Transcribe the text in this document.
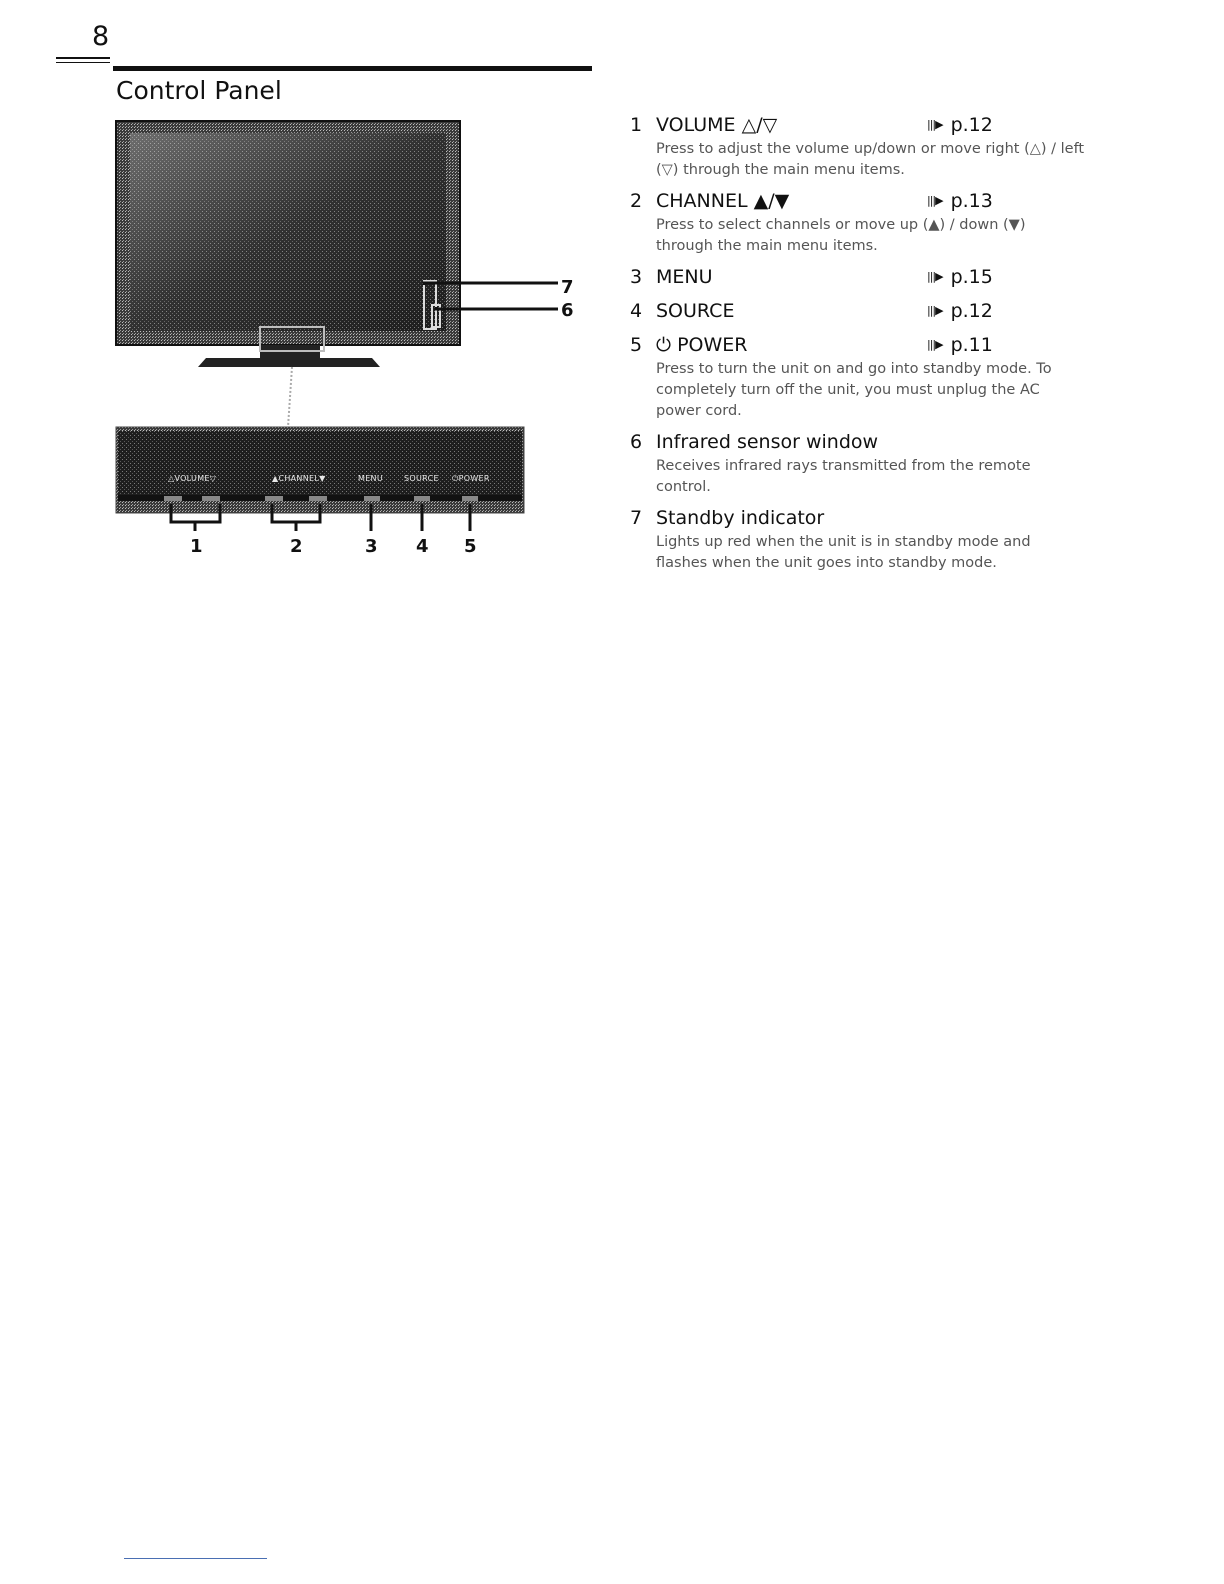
8
Control Panel
7
6
△VOLUME▽	▲CHANNEL▼	MENU	SOURCE ⏻POWER
1	2	3 4 5
1 VOLUME △/▽	|||▶ p.12

Press to adjust the volume up/down or move right (△) / left (▽) through the main menu items.

2 CHANNEL ▲/▼	|||▶ p.13

Press to select channels or move up (▲) / down (▼) through the main menu items.

3 MENU	|||▶ p.15
4 SOURCE	|||▶ p.12
5 ⏻ POWER	|||▶ p.11

Press to turn the unit on and go into standby mode. To completely turn off the unit, you must unplug the AC power cord.

6 Infrared sensor window

Receives infrared rays transmitted from the remote control.

7 Standby indicator

Lights up red when the unit is in standby mode and flashes when the unit goes into standby mode.
